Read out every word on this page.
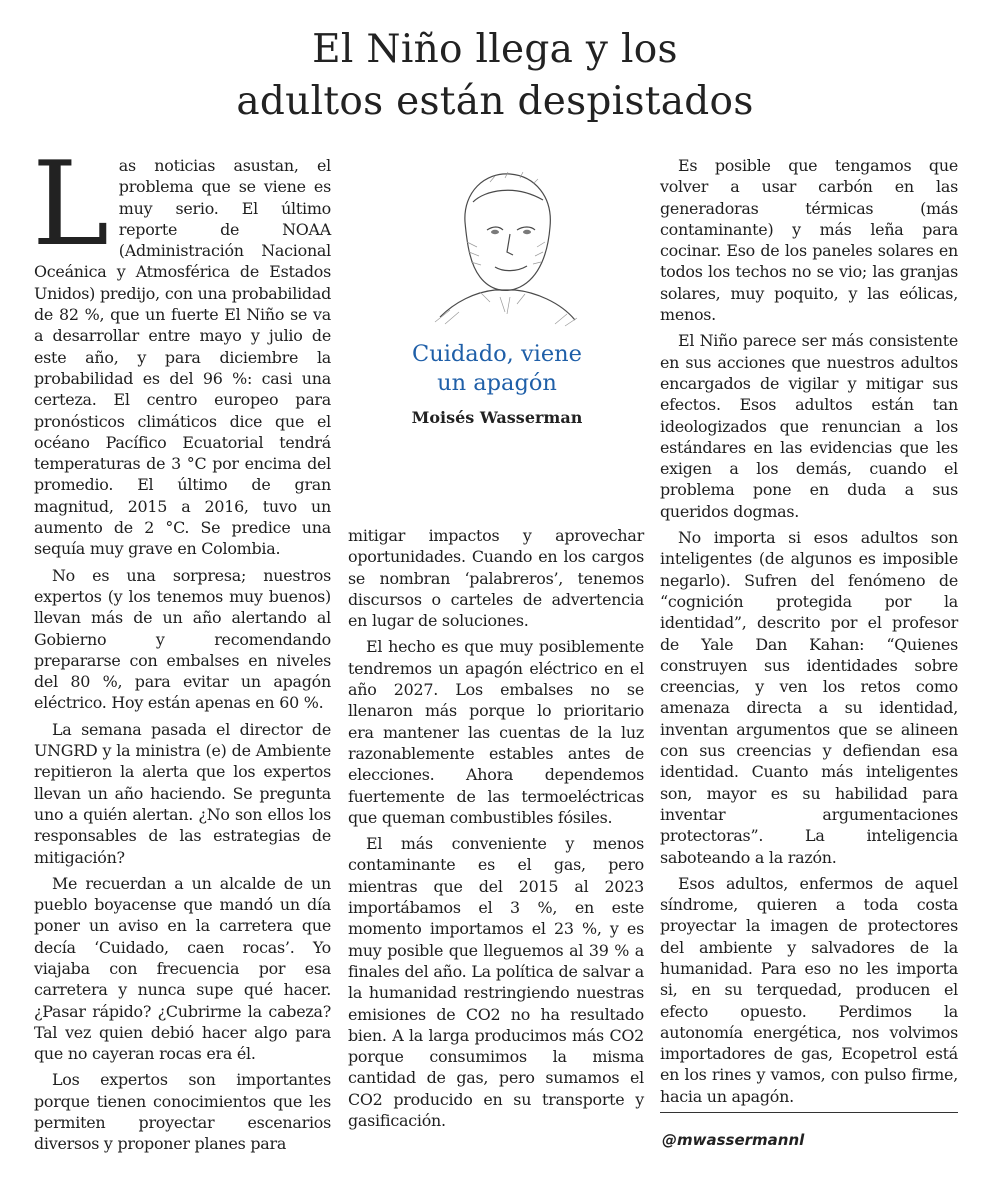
El Niño llega y los
adultos están despistados

Las noticias asustan, el problema que se viene es muy serio. El último reporte de NOAA (Administración Nacional Oceánica y Atmosférica de Estados Unidos) predijo, con una probabilidad de 82 %, que un fuerte El Niño se va a desarrollar entre mayo y julio de este año, y para diciembre la probabilidad es del 96 %: casi una certeza. El centro europeo para pronósticos climáticos dice que el océano Pacífico Ecuatorial tendrá temperaturas de 3 °C por encima del promedio. El último de gran magnitud, 2015 a 2016, tuvo un aumento de 2 °C. Se predice una sequía muy grave en Colombia.

No es una sorpresa; nuestros expertos (y los tenemos muy buenos) llevan más de un año alertando al Gobierno y recomendando prepararse con embalses en niveles del 80 %, para evitar un apagón eléctrico. Hoy están apenas en 60 %.

La semana pasada el director de UNGRD y la ministra (e) de Ambiente repitieron la alerta que los expertos llevan un año haciendo. Se pregunta uno a quién alertan. ¿No son ellos los responsables de las estrategias de mitigación?

Me recuerdan a un alcalde de un pueblo boyacense que mandó un día poner un aviso en la carretera que decía ‘Cuidado, caen rocas’. Yo viajaba con frecuencia por esa carretera y nunca supe qué hacer. ¿Pasar rápido? ¿Cubrirme la cabeza? Tal vez quien debió hacer algo para que no cayeran rocas era él.

Los expertos son importantes porque tienen conocimientos que les permiten proyectar escenarios diversos y proponer planes para

Cuidado, viene
un apagón

Moisés Wasserman

mitigar impactos y aprovechar oportunidades. Cuando en los cargos se nombran ‘palabreros’, tenemos discursos o carteles de advertencia en lugar de soluciones.

El hecho es que muy posiblemente tendremos un apagón eléctrico en el año 2027. Los embalses no se llenaron más porque lo prioritario era mantener las cuentas de la luz razonablemente estables antes de elecciones. Ahora dependemos fuertemente de las termoeléctricas que queman combustibles fósiles.

El más conveniente y menos contaminante es el gas, pero mientras que del 2015 al 2023 importábamos el 3 %, en este momento importamos el 23 %, y es muy posible que lleguemos al 39 % a finales del año. La política de salvar a la humanidad restringiendo nuestras emisiones de CO2 no ha resultado bien. A la larga producimos más CO2 porque consumimos la misma cantidad de gas, pero sumamos el CO2 producido en su transporte y gasificación.

Es posible que tengamos que volver a usar carbón en las generadoras térmicas (más contaminante) y más leña para cocinar. Eso de los paneles solares en todos los techos no se vio; las granjas solares, muy poquito, y las eólicas, menos.

El Niño parece ser más consistente en sus acciones que nuestros adultos encargados de vigilar y mitigar sus efectos. Esos adultos están tan ideologizados que renuncian a los estándares en las evidencias que les exigen a los demás, cuando el problema pone en duda a sus queridos dogmas.

No importa si esos adultos son inteligentes (de algunos es imposible negarlo). Sufren del fenómeno de “cognición protegida por la identidad”, descrito por el profesor de Yale Dan Kahan: “Quienes construyen sus identidades sobre creencias, y ven los retos como amenaza directa a su identidad, inventan argumentos que se alineen con sus creencias y defiendan esa identidad. Cuanto más inteligentes son, mayor es su habilidad para inventar argumentaciones protectoras”. La inteligencia saboteando a la razón.

Esos adultos, enfermos de aquel síndrome, quieren a toda costa proyectar la imagen de protectores del ambiente y salvadores de la humanidad. Para eso no les importa si, en su terquedad, producen el efecto opuesto. Perdimos la autonomía energética, nos volvimos importadores de gas, Ecopetrol está en los rines y vamos, con pulso firme, hacia un apagón.

@mwassermannl
